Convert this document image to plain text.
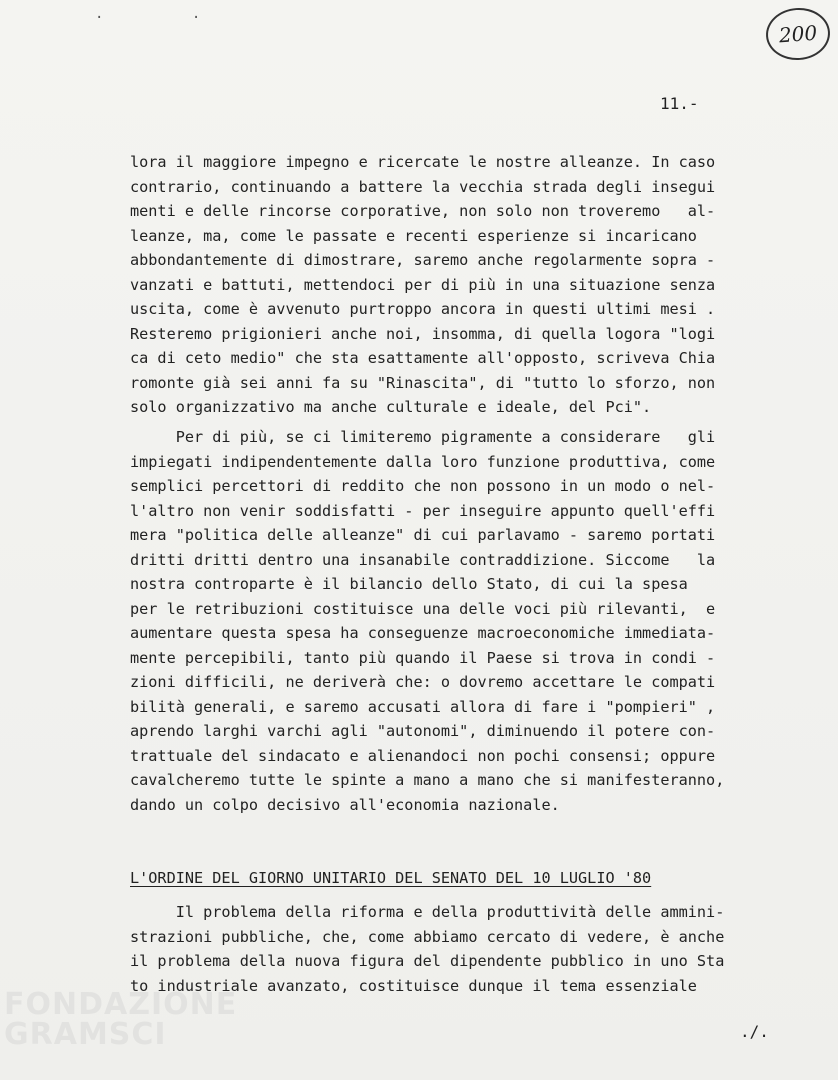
· ·
200
11.-
lora il maggiore impegno e ricercate le nostre alleanze. In caso
contrario, continuando a battere la vecchia strada degli insegui
menti e delle rincorse corporative, non solo non troveremo   al-
leanze, ma, come le passate e recenti esperienze si incaricano
abbondantemente di dimostrare, saremo anche regolarmente sopra -
vanzati e battuti, mettendoci per di più in una situazione senza
uscita, come è avvenuto purtroppo ancora in questi ultimi mesi .
Resteremo prigionieri anche noi, insomma, di quella logora "logi
ca di ceto medio" che sta esattamente all'opposto, scriveva Chia
romonte già sei anni fa su "Rinascita", di "tutto lo sforzo, non
solo organizzativo ma anche culturale e ideale, del Pci".
Per di più, se ci limiteremo pigramente a considerare   gli
impiegati indipendentemente dalla loro funzione produttiva, come
semplici percettori di reddito che non possono in un modo o nel-
l'altro non venir soddisfatti - per inseguire appunto quell'effi
mera "politica delle alleanze" di cui parlavamo - saremo portati
dritti dritti dentro una insanabile contraddizione. Siccome   la
nostra controparte è il bilancio dello Stato, di cui la spesa
per le retribuzioni costituisce una delle voci più rilevanti,  e
aumentare questa spesa ha conseguenze macroeconomiche immediata-
mente percepibili, tanto più quando il Paese si trova in condi -
zioni difficili, ne deriverà che: o dovremo accettare le compati
bilità generali, e saremo accusati allora di fare i "pompieri" ,
aprendo larghi varchi agli "autonomi", diminuendo il potere con-
trattuale del sindacato e alienandoci non pochi consensi; oppure
cavalcheremo tutte le spinte a mano a mano che si manifesteranno,
dando un colpo decisivo all'economia nazionale.
L'ORDINE DEL GIORNO UNITARIO DEL SENATO DEL 10 LUGLIO '80
Il problema della riforma e della produttività delle ammini-
strazioni pubbliche, che, come abbiamo cercato di vedere, è anche
il problema della nuova figura del dipendente pubblico in uno Sta
to industriale avanzato, costituisce dunque il tema essenziale
./.
FONDAZIONE
GRAMSCI
